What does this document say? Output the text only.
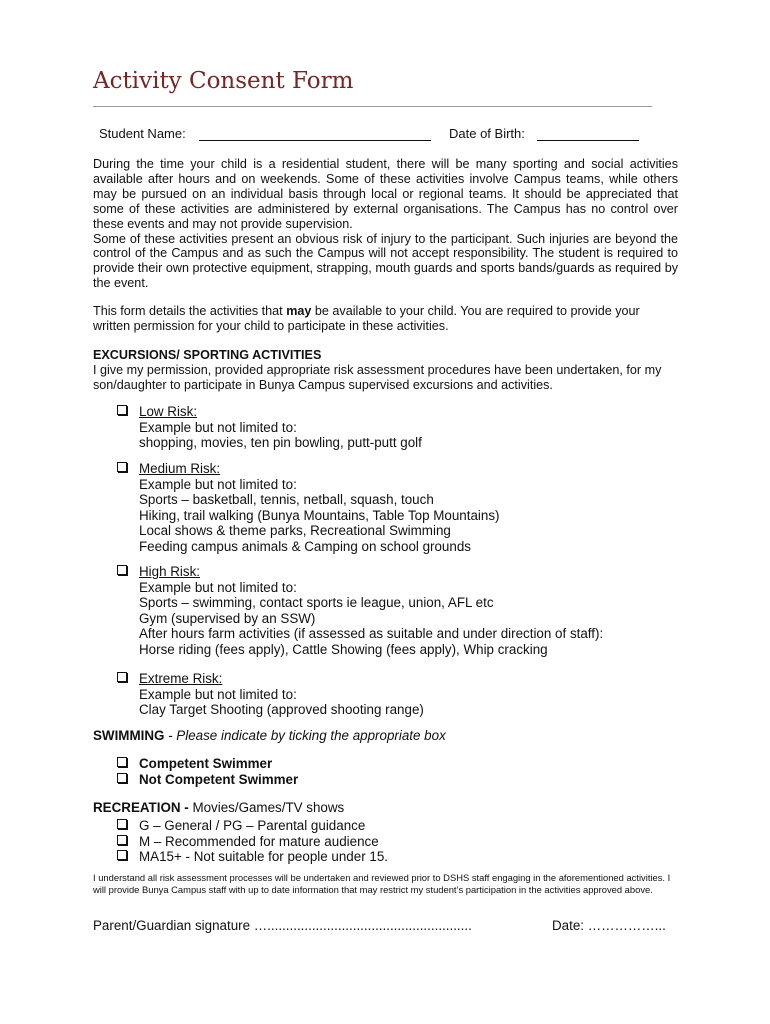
Activity Consent Form
Student Name:	Date of Birth:
During the time your child is a residential student, there will be many sporting and social activities available after hours and on weekends. Some of these activities involve Campus teams, while others may be pursued on an individual basis through local or regional teams. It should be appreciated that some of these activities are administered by external organisations. The Campus has no control over these events and may not provide supervision.
Some of these activities present an obvious risk of injury to the participant. Such injuries are beyond the control of the Campus and as such the Campus will not accept responsibility. The student is required to provide their own protective equipment, strapping, mouth guards and sports bands/guards as required by the event.
This form details the activities that may be available to your child. You are required to provide your written permission for your child to participate in these activities.
EXCURSIONS/ SPORTING ACTIVITIES
I give my permission, provided appropriate risk assessment procedures have been undertaken, for my son/daughter to participate in Bunya Campus supervised excursions and activities.
Low Risk:
Example but not limited to:
shopping, movies, ten pin bowling, putt-putt golf
Medium Risk:
Example but not limited to:
Sports – basketball, tennis, netball, squash, touch
Hiking, trail walking (Bunya Mountains, Table Top Mountains)
Local shows & theme parks, Recreational Swimming
Feeding campus animals & Camping on school grounds
High Risk:
Example but not limited to:
Sports – swimming, contact sports ie league, union, AFL etc
Gym (supervised by an SSW)
After hours farm activities (if assessed as suitable and under direction of staff):
Horse riding (fees apply), Cattle Showing (fees apply), Whip cracking
Extreme Risk:
Example but not limited to:
Clay Target Shooting (approved shooting range)
SWIMMING - Please indicate by ticking the appropriate box
Competent Swimmer
Not Competent Swimmer
RECREATION - Movies/Games/TV shows
G – General / PG – Parental guidance
M – Recommended for mature audience
MA15+ - Not suitable for people under 15.
I understand all risk assessment processes will be undertaken and reviewed prior to DSHS staff engaging in the aforementioned activities. I will provide Bunya Campus staff with up to date information that may restrict my student’s participation in the activities approved above.
Parent/Guardian signature ….......................................................	Date: ……………...
